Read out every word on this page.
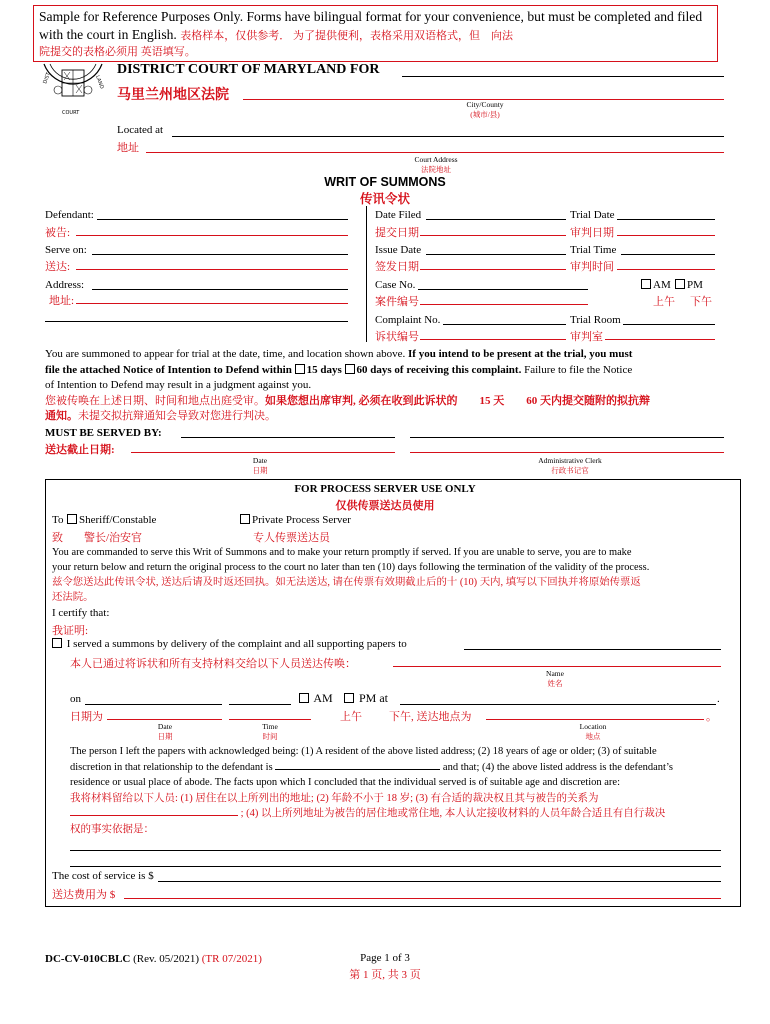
Sample for Reference Purposes Only. Forms have bilingual format for your convenience, but must be completed and filed with the court in English. 表格样本，仅供参考． 为了提供便利，表格采用双语格式，但　向法
院提交的表格必须用 英语填写。
DIST	LAND
COURT
DISTRICT COURT OF MARYLAND FOR
马里兰州地区法院
City/County
(城市/县)
Located at
地址
Court Address
法院地址
WRIT OF SUMMONS
传讯令状
Defendant:
被告:
Serve on:
送达:
Address:
地址:
Date Filed	Trial Date
提交日期	审判日期
Issue Date	Trial Time
签发日期	审判时间
Case No.	AM	PM
案件编号	上午 下午
Complaint No.	Trial Room
诉状编号	审判室
You are summoned to appear for trial at the date, time, and location shown above. If you intend to be present at the trial, you must
file the attached Notice of Intention to Defend within 15 days 60 days of receiving this complaint. Failure to file the Notice
of Intention to Defend may result in a judgment against you.
您被传唤在上述日期、时间和地点出庭受审。如果您想出席审判, 必须在收到此诉状的　　 15 天　　 60 天内提交随附的拟抗辩
通知。未提交拟抗辩通知会导致对您进行判决。
MUST BE SERVED BY:
送达截止日期:
Date
日期
Administrative Clerk
行政书记官
FOR PROCESS SERVER USE ONLY
仅供传票送达员使用
To	Sheriff/Constable	Private Process Server
致 警长/治安官	专人传票送达员
You are commanded to serve this Writ of Summons and to make your return promptly if served. If you are unable to serve, you are to make
your return below and return the original process to the court no later than ten (10) days following the termination of the validity of the process.
兹令您送达此传讯令状, 送达后请及时返还回执。如无法送达, 请在传票有效期截止后的十 (10) 天内, 填写以下回执并将原始传票返
还法院。
I certify that:
我证明:
I served a summons by delivery of the complaint and all supporting papers to
本人已通过将诉状和所有支持材料交给以下人员送达传唤：
Name
姓名
on	AM	PM at	.
日期为	上午 下午, 送达地点为	。
Date
日期
Time
时间
Location
地点
The person I left the papers with acknowledged being: (1) A resident of the above listed address; (2) 18 years of age or older; (3) of suitable
discretion in that relationship to the defendant is	and that; (4) the above listed address is the defendant’s
residence or usual place of abode. The facts upon which I concluded that the individual served is of suitable age and discretion are:
我将材料留给以下人员: (1) 居住在以上所列出的地址; (2) 年龄不小于 18 岁; (3) 有合适的裁决权且其与被告的关系为
; (4) 以上所列地址为被告的居住地或常住地, 本人认定接收材料的人员年龄合适且有自行裁决
权的事实依据是：
The cost of service is $
送达费用为 $
DC-CV-010CBLC (Rev. 05/2021) (TR 07/2021)	Page 1 of 3
第 1 页, 共 3 页
